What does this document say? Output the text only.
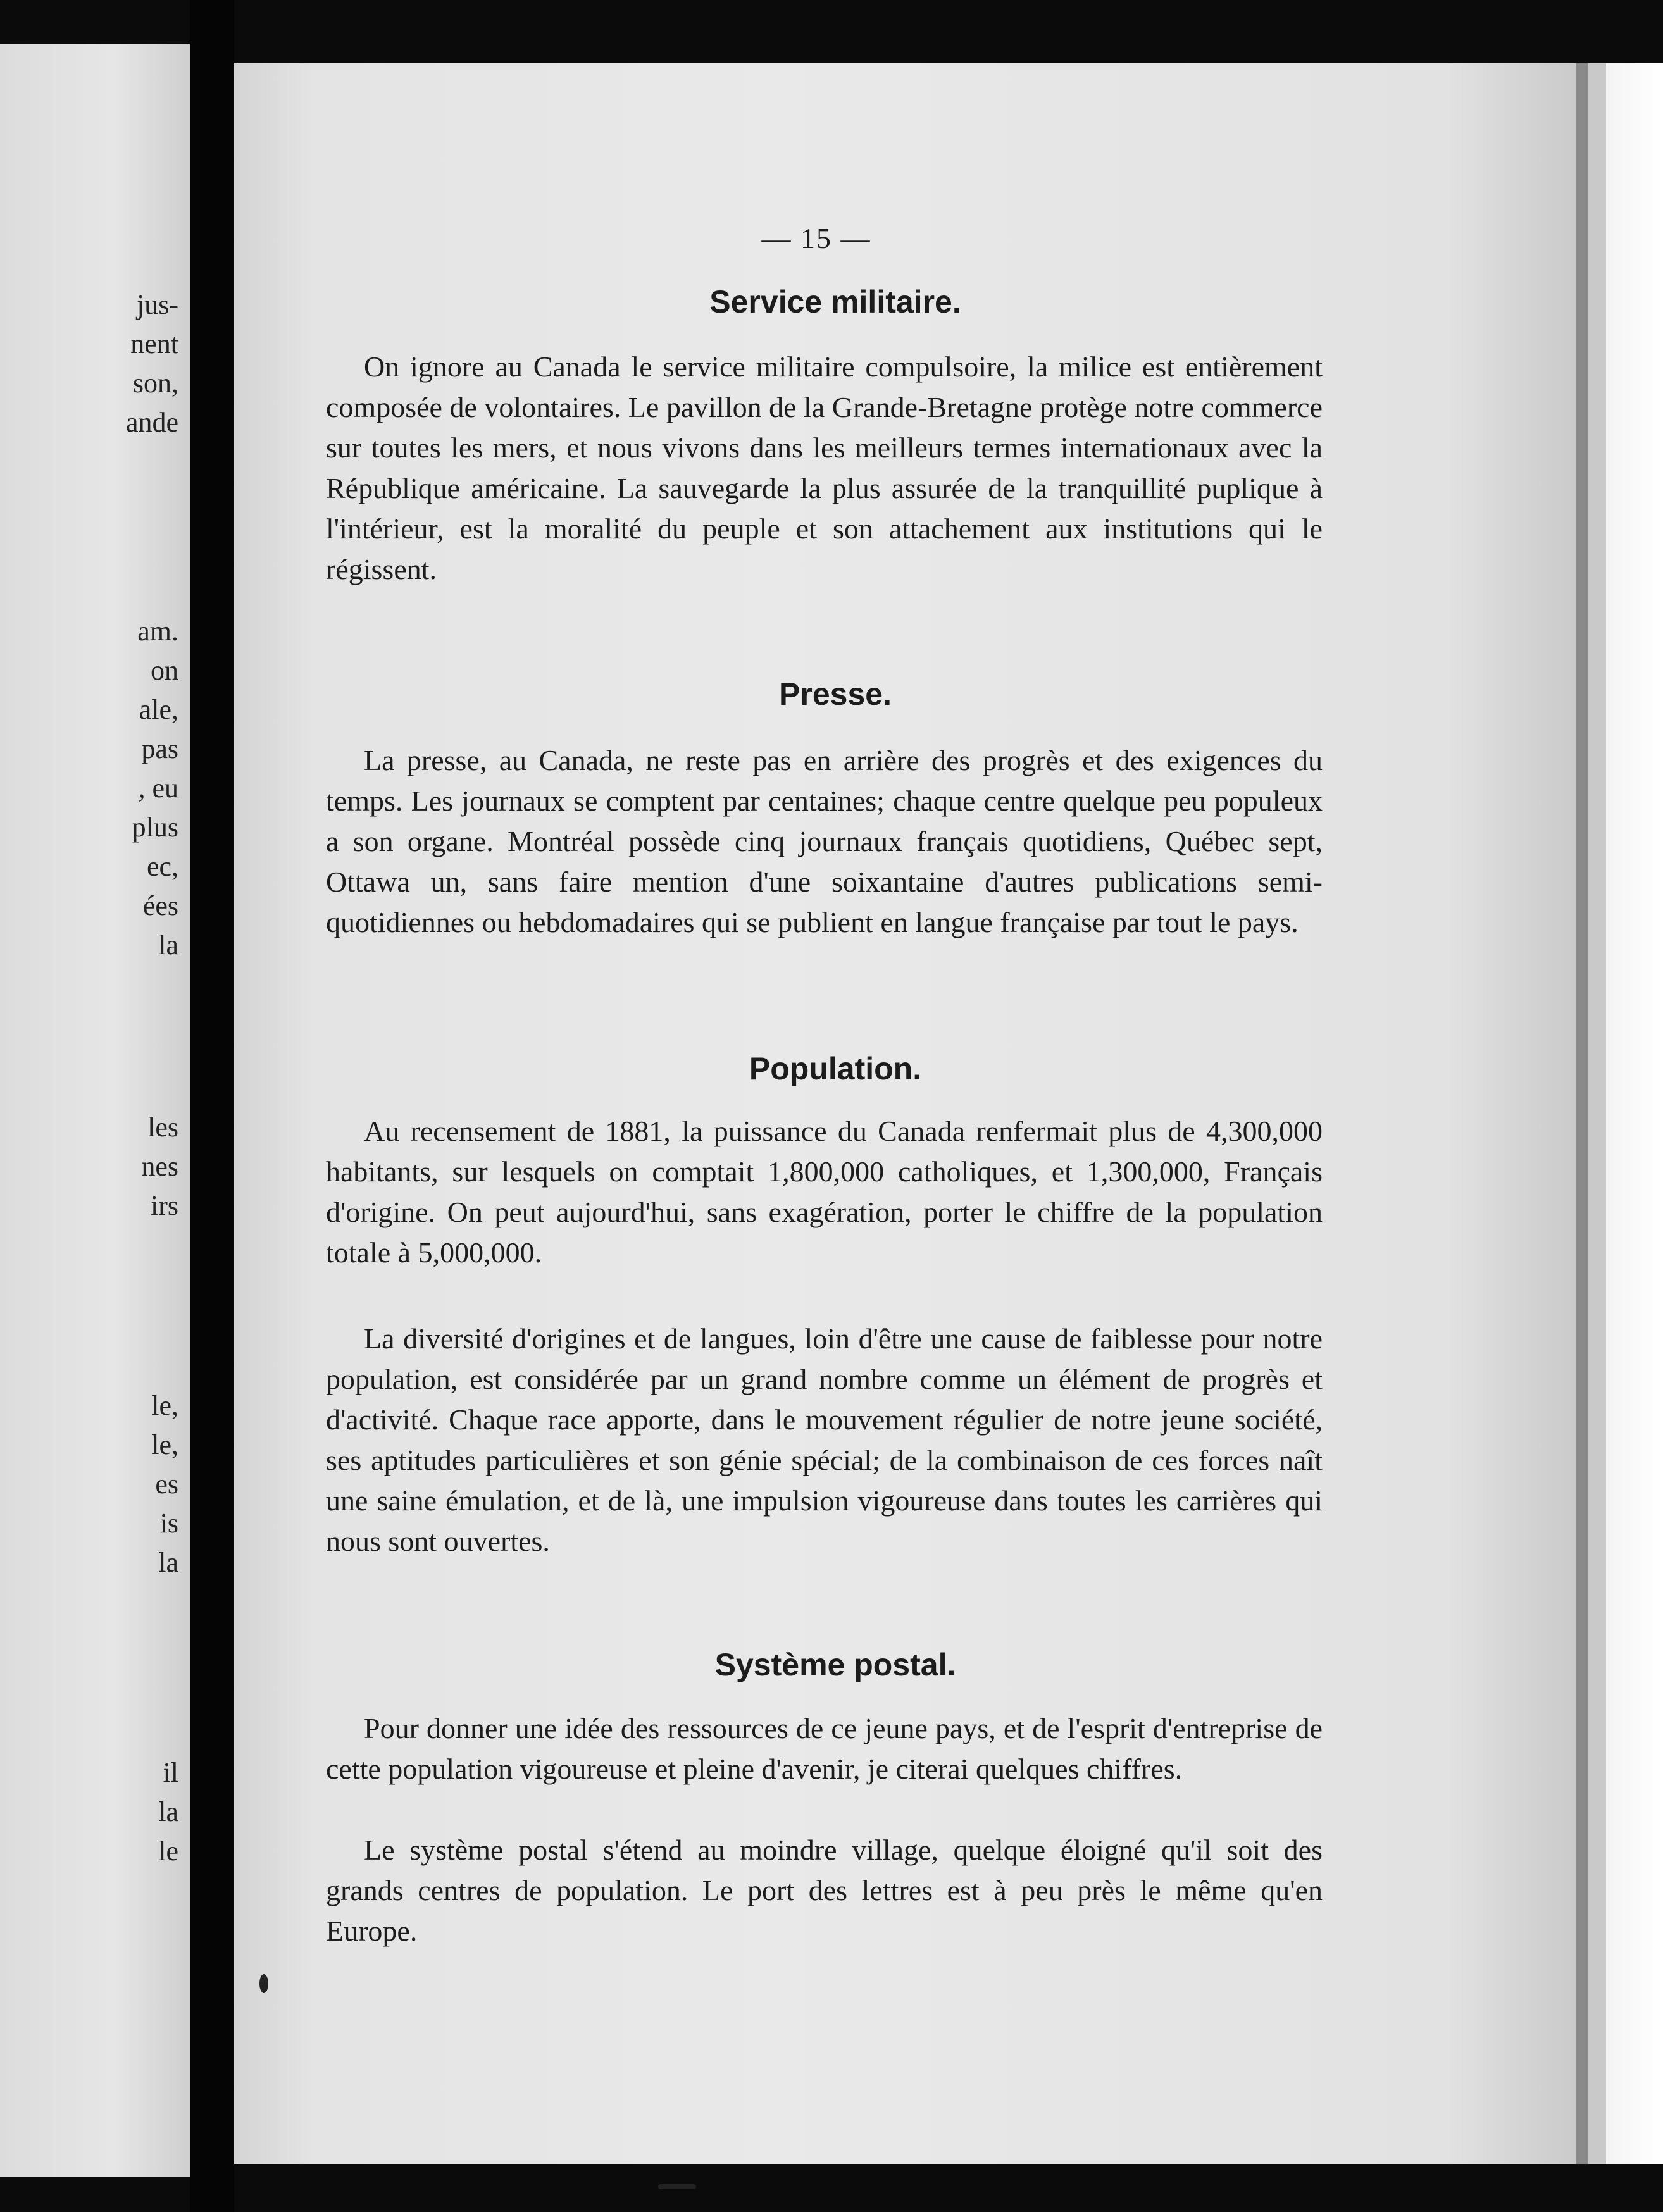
jus-
nent
son,
ande
am.
on
ale,
pas
, eu
plus
ec,
ées
la
les
nes
irs
le,
le,
es
is
la
il
la
le
— 15 —
Service militaire.

On ignore au Canada le service militaire compulsoire, la milice est entièrement composée de volontaires. Le pavillon de la Grande-Bretagne protège notre commerce sur toutes les mers, et nous vivons dans les meilleurs termes internationaux avec la République américaine. La sauvegarde la plus assurée de la tranquillité puplique à l'intérieur, est la moralité du peuple et son attachement aux institutions qui le régissent.

Presse.

La presse, au Canada, ne reste pas en arrière des progrès et des exigences du temps. Les journaux se comptent par centaines; chaque centre quelque peu populeux a son organe. Montréal possède cinq journaux français quotidiens, Québec sept, Ottawa un, sans faire mention d'une soixantaine d'autres publications semi-quotidiennes ou hebdomadaires qui se publient en langue française par tout le pays.

Population.

Au recensement de 1881, la puissance du Canada renfermait plus de 4,300,000 habitants, sur lesquels on comptait 1,800,000 catholiques, et 1,300,000, Français d'origine. On peut aujourd'hui, sans exagération, porter le chiffre de la population totale à 5,000,000.

La diversité d'origines et de langues, loin d'être une cause de faiblesse pour notre population, est considérée par un grand nombre comme un élément de progrès et d'activité. Chaque race apporte, dans le mouvement régulier de notre jeune société, ses aptitudes particulières et son génie spécial; de la combinaison de ces forces naît une saine émulation, et de là, une impulsion vigoureuse dans toutes les carrières qui nous sont ouvertes.

Système postal.

Pour donner une idée des ressources de ce jeune pays, et de l'esprit d'entreprise de cette population vigoureuse et pleine d'avenir, je citerai quelques chiffres.

Le système postal s'étend au moindre village, quelque éloigné qu'il soit des grands centres de population. Le port des lettres est à peu près le même qu'en Europe.
